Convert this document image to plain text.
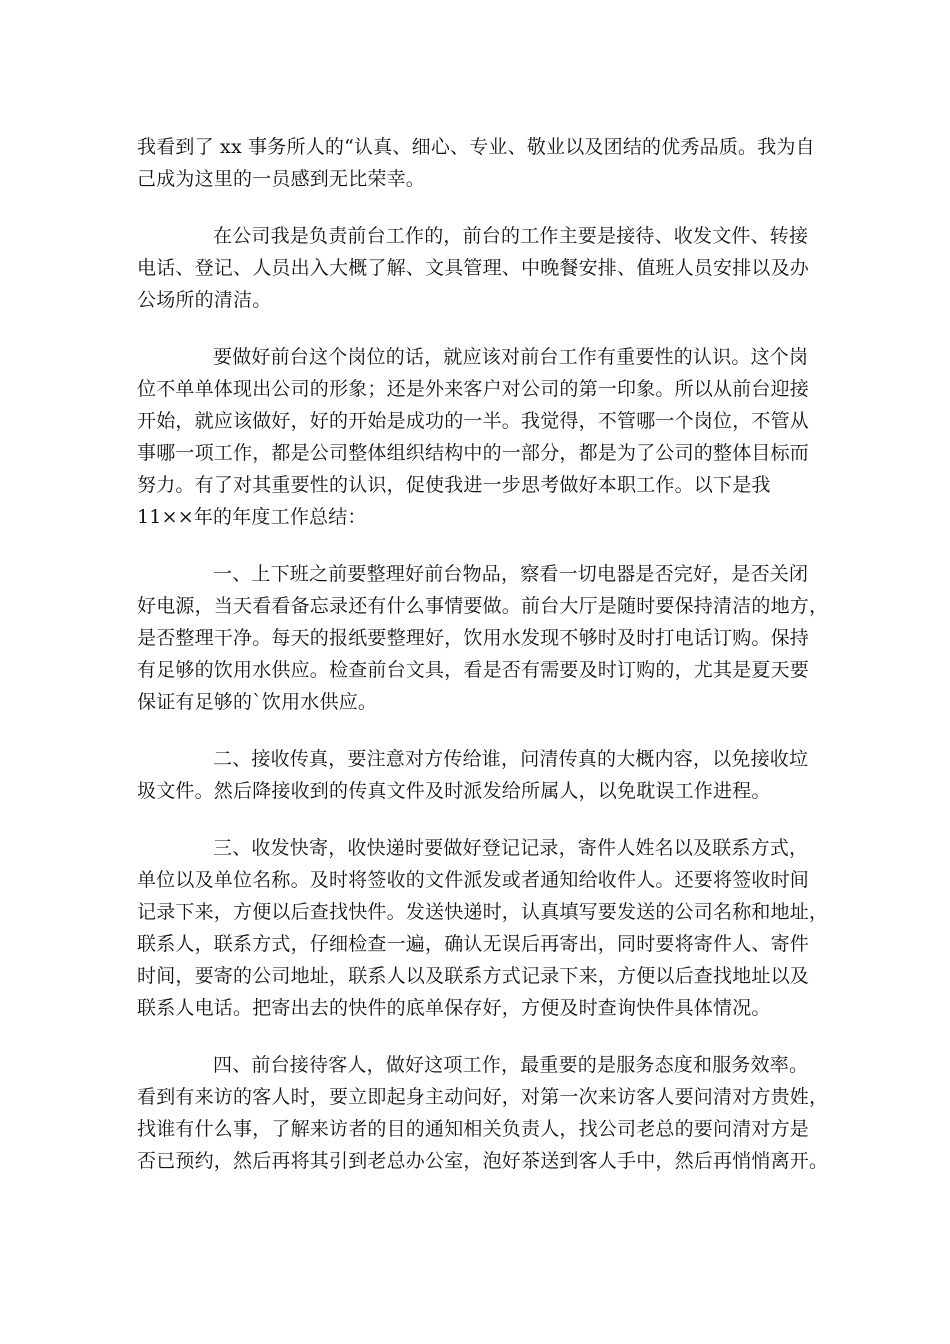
我看到了 xx 事务所人的“认真、细心、专业、敬业以及团结的优秀品质。我为自
己成为这里的一员感到无比荣幸。

在公司我是负责前台工作的，前台的工作主要是接待、收发文件、转接
电话、登记、人员出入大概了解、文具管理、中晚餐安排、值班人员安排以及办
公场所的清洁。

要做好前台这个岗位的话，就应该对前台工作有重要性的认识。这个岗
位不单单体现出公司的形象；还是外来客户对公司的第一印象。所以从前台迎接
开始，就应该做好，好的开始是成功的一半。我觉得，不管哪一个岗位，不管从
事哪一项工作，都是公司整体组织结构中的一部分，都是为了公司的整体目标而
努力。有了对其重要性的认识，促使我进一步思考做好本职工作。以下是我
11××年的年度工作总结：

一、上下班之前要整理好前台物品，察看一切电器是否完好，是否关闭
好电源，当天看看备忘录还有什么事情要做。前台大厅是随时要保持清洁的地方，
是否整理干净。每天的报纸要整理好，饮用水发现不够时及时打电话订购。保持
有足够的饮用水供应。检查前台文具，看是否有需要及时订购的，尤其是夏天要
保证有足够的`饮用水供应。

二、接收传真，要注意对方传给谁，问清传真的大概内容，以免接收垃
圾文件。然后降接收到的传真文件及时派发给所属人，以免耽误工作进程。

三、收发快寄，收快递时要做好登记记录，寄件人姓名以及联系方式，
单位以及单位名称。及时将签收的文件派发或者通知给收件人。还要将签收时间
记录下来，方便以后查找快件。发送快递时，认真填写要发送的公司名称和地址，
联系人，联系方式，仔细检查一遍，确认无误后再寄出，同时要将寄件人、寄件
时间，要寄的公司地址，联系人以及联系方式记录下来，方便以后查找地址以及
联系人电话。把寄出去的快件的底单保存好，方便及时查询快件具体情况。

四、前台接待客人，做好这项工作，最重要的是服务态度和服务效率。
看到有来访的客人时，要立即起身主动问好，对第一次来访客人要问清对方贵姓，
找谁有什么事，了解来访者的目的通知相关负责人，找公司老总的要问清对方是
否已预约，然后再将其引到老总办公室，泡好茶送到客人手中，然后再悄悄离开。
